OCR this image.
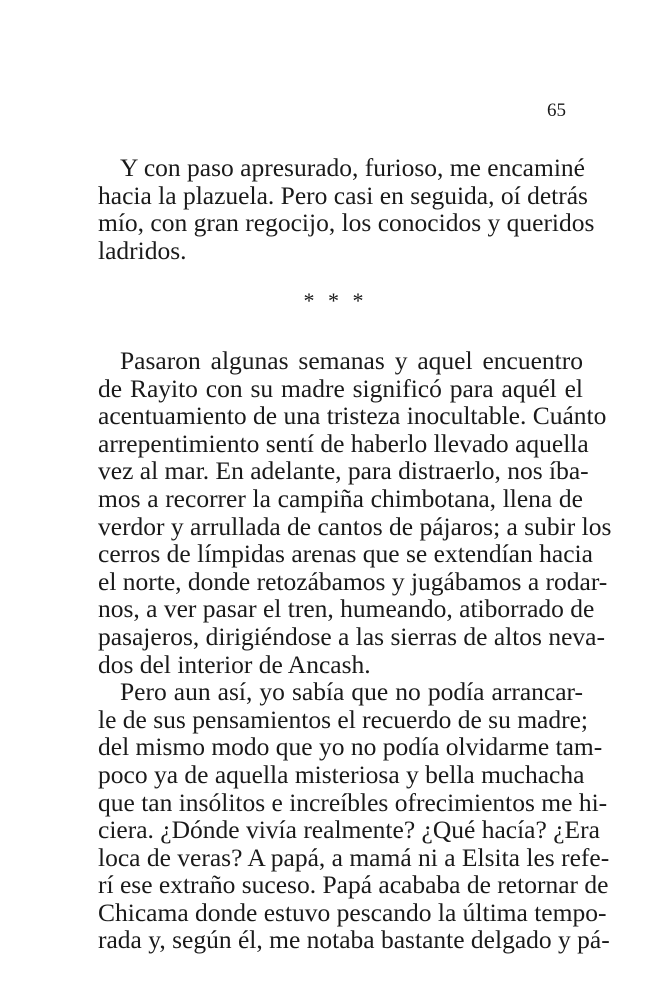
65
Y con paso apresurado, furioso, me encaminé
hacia la plazuela. Pero casi en seguida, oí detrás
mío, con gran regocijo, los conocidos y queridos
ladridos.
* * *
Pasaron algunas semanas y aquel encuentro
de Rayito con su madre significó para aquél el
acentuamiento de una tristeza inocultable. Cuánto
arrepentimiento sentí de haberlo llevado aquella
vez al mar. En adelante, para distraerlo, nos íba-
mos a recorrer la campiña chimbotana, llena de
verdor y arrullada de cantos de pájaros; a subir los
cerros de límpidas arenas que se extendían hacia
el norte, donde retozábamos y jugábamos a rodar-
nos, a ver pasar el tren, humeando, atiborrado de
pasajeros, dirigiéndose a las sierras de altos neva-
dos del interior de Ancash.
Pero aun así, yo sabía que no podía arrancar-
le de sus pensamientos el recuerdo de su madre;
del mismo modo que yo no podía olvidarme tam-
poco ya de aquella misteriosa y bella muchacha
que tan insólitos e increíbles ofrecimientos me hi-
ciera. ¿Dónde vivía realmente? ¿Qué hacía? ¿Era
loca de veras? A papá, a mamá ni a Elsita les refe-
rí ese extraño suceso. Papá acababa de retornar de
Chicama donde estuvo pescando la última tempo-
rada y, según él, me notaba bastante delgado y pá-
